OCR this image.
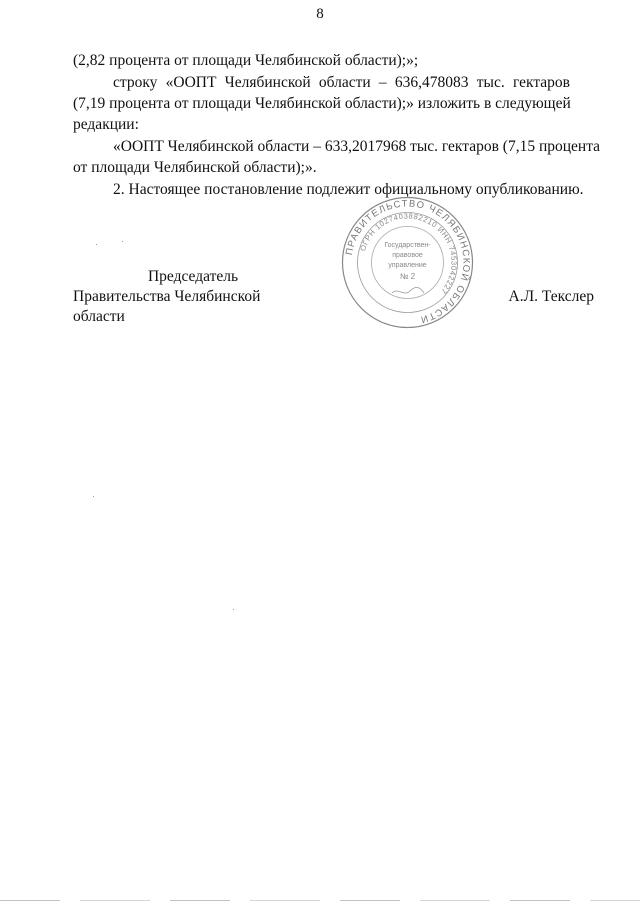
8
(2,82 процента от площади Челябинской области);»;
строку «ООПТ Челябинской области – 636,478083 тыс. гектаров
(7,19 процента от площади Челябинской области);» изложить в следующей
редакции:
«ООПТ Челябинской области – 633,2017968 тыс. гектаров (7,15 процента
от площади Челябинской области);».
2. Настоящее постановление подлежит официальному опубликованию.
ПРАВИТЕЛЬСТВО ЧЕЛЯБИНСКОЙ ОБЛАСТИ
ОГРН 1027403882210 ИНН 7453042227
Государствен-
правовое
управление
№ 2
Председатель
Правительства Челябинской области
А.Л. Текслер
